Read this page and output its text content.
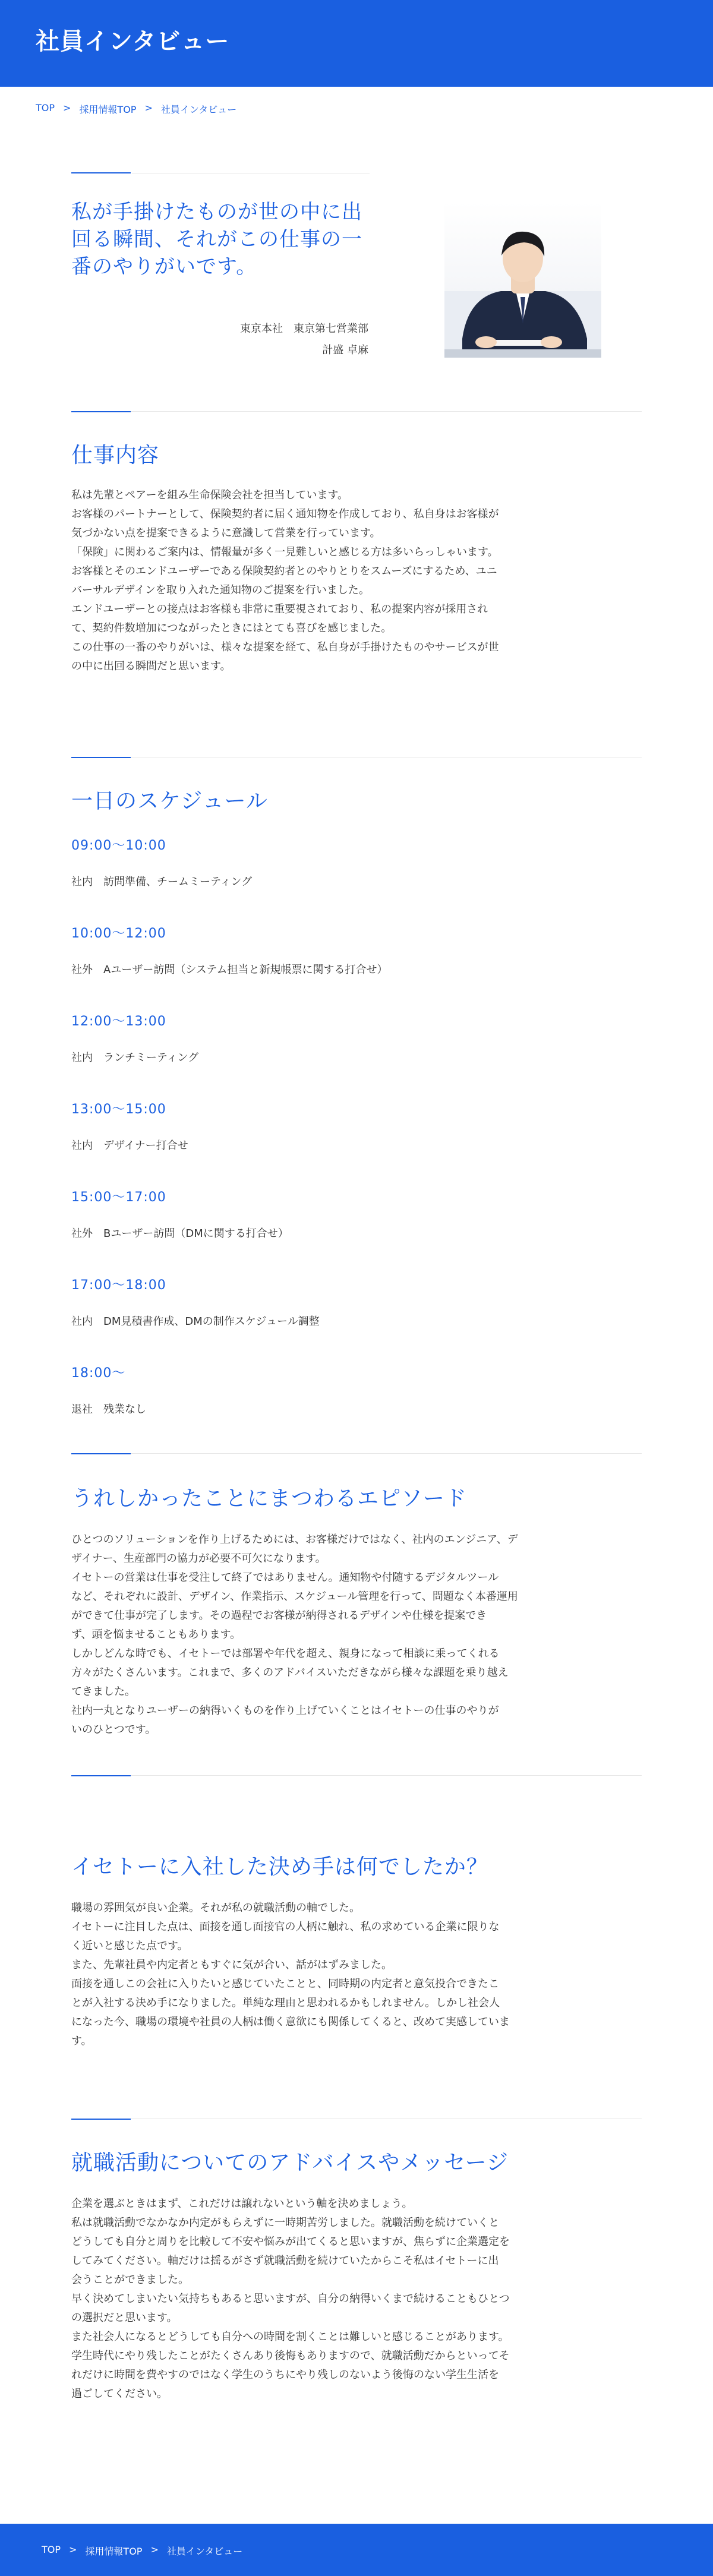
社員インタビュー
TOP > 採用情報TOP > 社員インタビュー
私が手掛けたものが世の中に出回る瞬間、それがこの仕事の一番のやりがいです。
東京本社　東京第七営業部
計盛 卓麻
仕事内容

私は先輩とペアーを組み生命保険会社を担当しています。

お客様のパートナーとして、保険契約者に届く通知物を作成しており、私自身はお客様が

気づかない点を提案できるように意識して営業を行っています。

「保険」に関わるご案内は、情報量が多く一見難しいと感じる方は多いらっしゃいます。

お客様とそのエンドユーザーである保険契約者とのやりとりをスムーズにするため、ユニ

バーサルデザインを取り入れた通知物のご提案を行いました。

エンドユーザーとの接点はお客様も非常に重要視されており、私の提案内容が採用され

て、契約件数増加につながったときにはとても喜びを感じました。

この仕事の一番のやりがいは、様々な提案を経て、私自身が手掛けたものやサービスが世

の中に出回る瞬間だと思います。

一日のスケジュール
09:00〜10:00
社内　訪問準備、チームミーティング
10:00〜12:00
社外　Aユーザー訪問（システム担当と新規帳票に関する打合せ）
12:00〜13:00
社内　ランチミーティング
13:00〜15:00
社内　デザイナー打合せ
15:00〜17:00
社外　Bユーザー訪問（DMに関する打合せ）
17:00〜18:00
社内　DM見積書作成、DMの制作スケジュール調整
18:00〜
退社　残業なし
うれしかったことにまつわるエピソード

ひとつのソリューションを作り上げるためには、お客様だけではなく、社内のエンジニア、デ

ザイナー、生産部門の協力が必要不可欠になります。

イセトーの営業は仕事を受注して終了ではありません。通知物や付随するデジタルツール

など、それぞれに設計、デザイン、作業指示、スケジュール管理を行って、問題なく本番運用

ができて仕事が完了します。その過程でお客様が納得されるデザインや仕様を提案でき

ず、頭を悩ませることもあります。

しかしどんな時でも、イセトーでは部署や年代を超え、親身になって相談に乗ってくれる

方々がたくさんいます。これまで、多くのアドバイスいただきながら様々な課題を乗り越え

てきました。

社内一丸となりユーザーの納得いくものを作り上げていくことはイセトーの仕事のやりが

いのひとつです。

イセトーに入社した決め手は何でしたか？

職場の雰囲気が良い企業。それが私の就職活動の軸でした。

イセトーに注目した点は、面接を通し面接官の人柄に触れ、私の求めている企業に限りな

く近いと感じた点です。

また、先輩社員や内定者ともすぐに気が合い、話がはずみました。

面接を通しこの会社に入りたいと感じていたことと、同時期の内定者と意気投合できたこ

とが入社する決め手になりました。単純な理由と思われるかもしれません。しかし社会人

になった今、職場の環境や社員の人柄は働く意欲にも関係してくると、改めて実感していま

す。

就職活動についてのアドバイスやメッセージ

企業を選ぶときはまず、これだけは譲れないという軸を決めましょう。

私は就職活動でなかなか内定がもらえずに一時期苦労しました。就職活動を続けていくと

どうしても自分と周りを比較して不安や悩みが出てくると思いますが、焦らずに企業選定を

してみてください。軸だけは揺るがさず就職活動を続けていたからこそ私はイセトーに出

会うことができました。

早く決めてしまいたい気持ちもあると思いますが、自分の納得いくまで続けることもひとつ

の選択だと思います。

また社会人になるとどうしても自分への時間を割くことは難しいと感じることがあります。

学生時代にやり残したことがたくさんあり後悔もありますので、就職活動だからといってそ

れだけに時間を費やすのではなく学生のうちにやり残しのないよう後悔のない学生生活を

過ごしてください。

TOP > 採用情報TOP > 社員インタビュー
